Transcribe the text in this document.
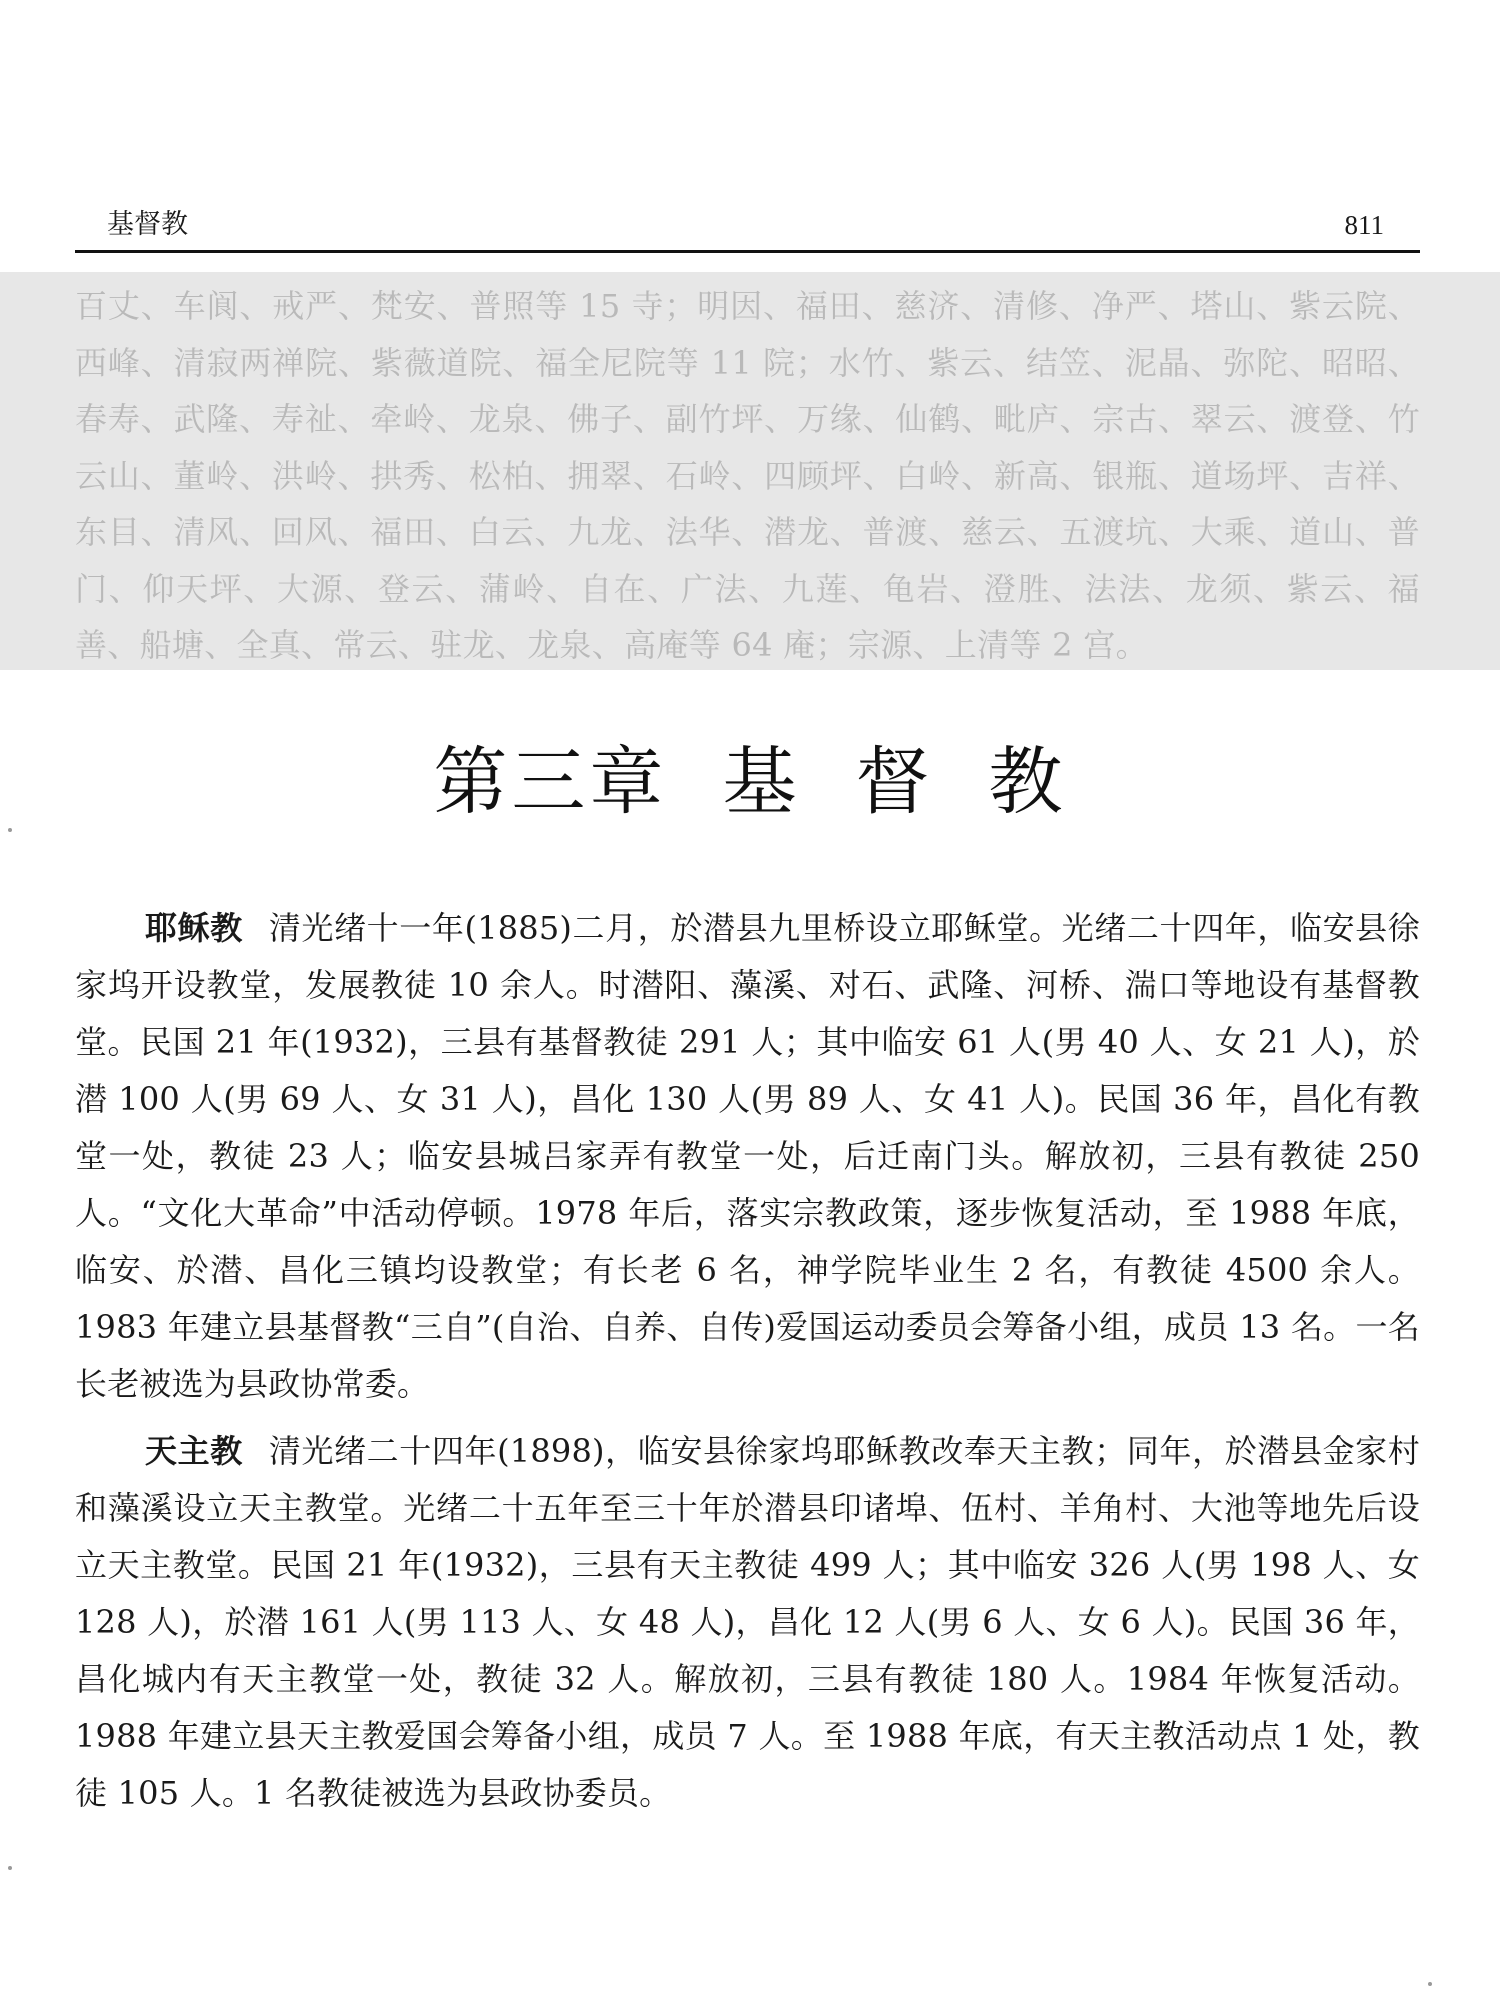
基督教	811

百丈、车阆、戒严、梵安、普照等 15 寺；明因、福田、慈济、清修、净严、塔山、紫云院、西峰、清寂两禅院、紫薇道院、福全尼院等 11 院；水竹、紫云、结笠、泥晶、弥陀、昭昭、春寿、武隆、寿祉、牵岭、龙泉、佛子、副竹坪、万缘、仙鹤、毗庐、宗古、翠云、渡登、竹云山、董岭、洪岭、拱秀、松柏、拥翠、石岭、四顾坪、白岭、新高、银瓶、道场坪、吉祥、东目、清风、回风、福田、白云、九龙、法华、潜龙、普渡、慈云、五渡坑、大乘、道山、普门、仰天坪、大源、登云、蒲岭、自在、广法、九莲、龟岩、澄胜、法法、龙须、紫云、福善、船塘、全真、常云、驻龙、龙泉、高庵等 64 庵；宗源、上清等 2 宫。

第三章  基  督  教

耶稣教 清光绪十一年(1885)二月，於潜县九里桥设立耶稣堂。光绪二十四年，临安县徐家坞开设教堂，发展教徒 10 余人。时潜阳、藻溪、对石、武隆、河桥、湍口等地设有基督教堂。民国 21 年(1932)，三县有基督教徒 291 人；其中临安 61 人(男 40 人、女 21 人)，於潜 100 人(男 69 人、女 31 人)，昌化 130 人(男 89 人、女 41 人)。民国 36 年，昌化有教堂一处，教徒 23 人；临安县城吕家弄有教堂一处，后迁南门头。解放初，三县有教徒 250 人。“文化大革命”中活动停顿。1978 年后，落实宗教政策，逐步恢复活动，至 1988 年底，临安、於潜、昌化三镇均设教堂；有长老 6 名，神学院毕业生 2 名，有教徒 4500 余人。1983 年建立县基督教“三自”(自治、自养、自传)爱国运动委员会筹备小组，成员 13 名。一名长老被选为县政协常委。

天主教 清光绪二十四年(1898)，临安县徐家坞耶稣教改奉天主教；同年，於潜县金家村和藻溪设立天主教堂。光绪二十五年至三十年於潜县印诸埠、伍村、羊角村、大池等地先后设立天主教堂。民国 21 年(1932)，三县有天主教徒 499 人；其中临安 326 人(男 198 人、女 128 人)，於潜 161 人(男 113 人、女 48 人)，昌化 12 人(男 6 人、女 6 人)。民国 36 年，昌化城内有天主教堂一处，教徒 32 人。解放初，三县有教徒 180 人。1984 年恢复活动。1988 年建立县天主教爱国会筹备小组，成员 7 人。至 1988 年底，有天主教活动点 1 处，教徒 105 人。1 名教徒被选为县政协委员。
